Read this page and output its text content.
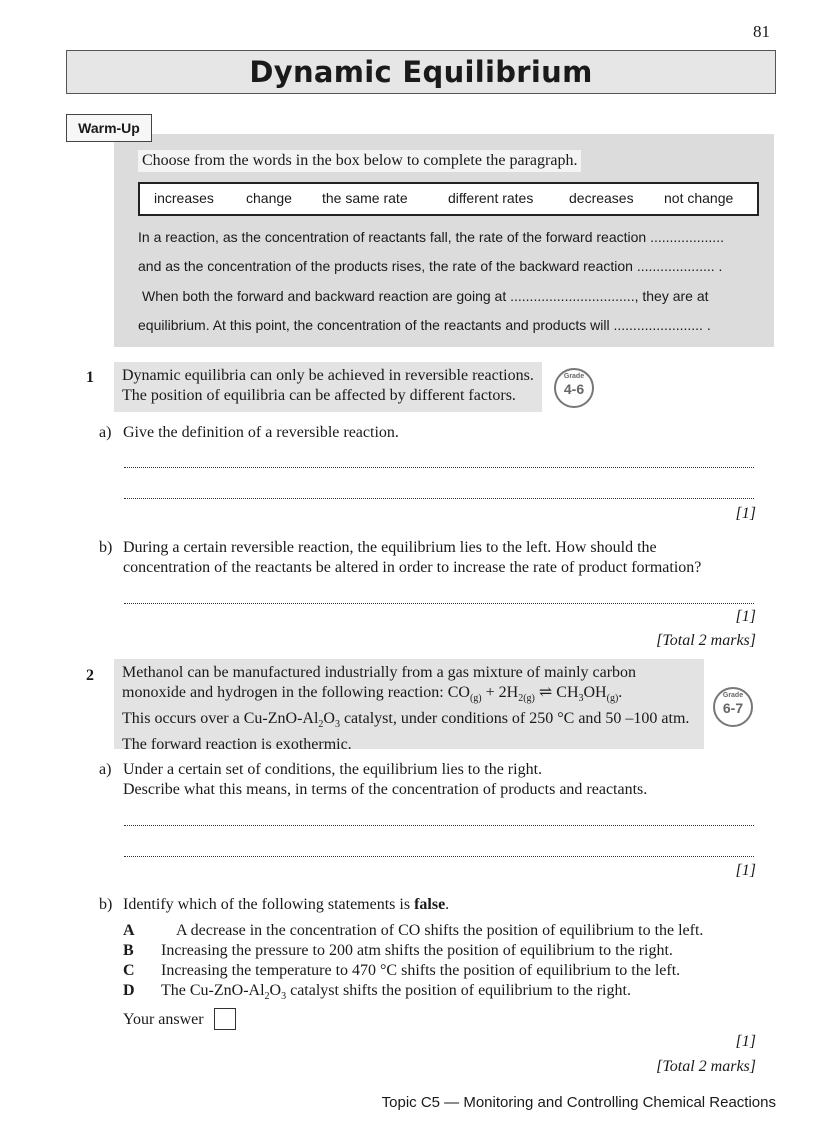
81
Dynamic Equilibrium
Warm-Up
Choose from the words in the box below to complete the paragraph.
increases change the same rate	different rates	decreases not change
In a reaction, as the concentration of reactants fall, the rate of the forward reaction ...................
and as the concentration of the products rises, the rate of the backward reaction .................... .
When both the forward and backward reaction are going at ................................, they are at
equilibrium. At this point, the concentration of the reactants and products will ....................... .
1 Dynamic equilibria can only be achieved in reversible reactions.
The position of equilibria can be affected by different factors.
Grade
4-6
a) Give the definition of a reversible reaction.
[1]
b) During a certain reversible reaction, the equilibrium lies to the left. How should the
concentration of the reactants be altered in order to increase the rate of product formation?
[1]
[Total 2 marks]
2 Methanol can be manufactured industrially from a gas mixture of mainly carbon
monoxide and hydrogen in the following reaction: $CO_{(g)} + 2H_{2(g)}$ ⇌ $CH_3OH_{(g)}$.
This occurs over a $Cu-ZnO-Al_2O_3$ catalyst, under conditions of 250 °C and 50 –100 atm.
The forward reaction is exothermic.
Grade
6-7
a) Under a certain set of conditions, the equilibrium lies to the right.
Describe what this means, in terms of the concentration of products and reactants.
[1]
b) Identify which of the following statements is false.
A	A decrease in the concentration of CO shifts the position of equilibrium to the left.
B Increasing the pressure to 200 atm shifts the position of equilibrium to the right.
C Increasing the temperature to 470 °C shifts the position of equilibrium to the left.
D The $Cu-ZnO-Al_2O_3$ catalyst shifts the position of equilibrium to the right.
Your answer
[1]
[Total 2 marks]
Topic C5 — Monitoring and Controlling Chemical Reactions
